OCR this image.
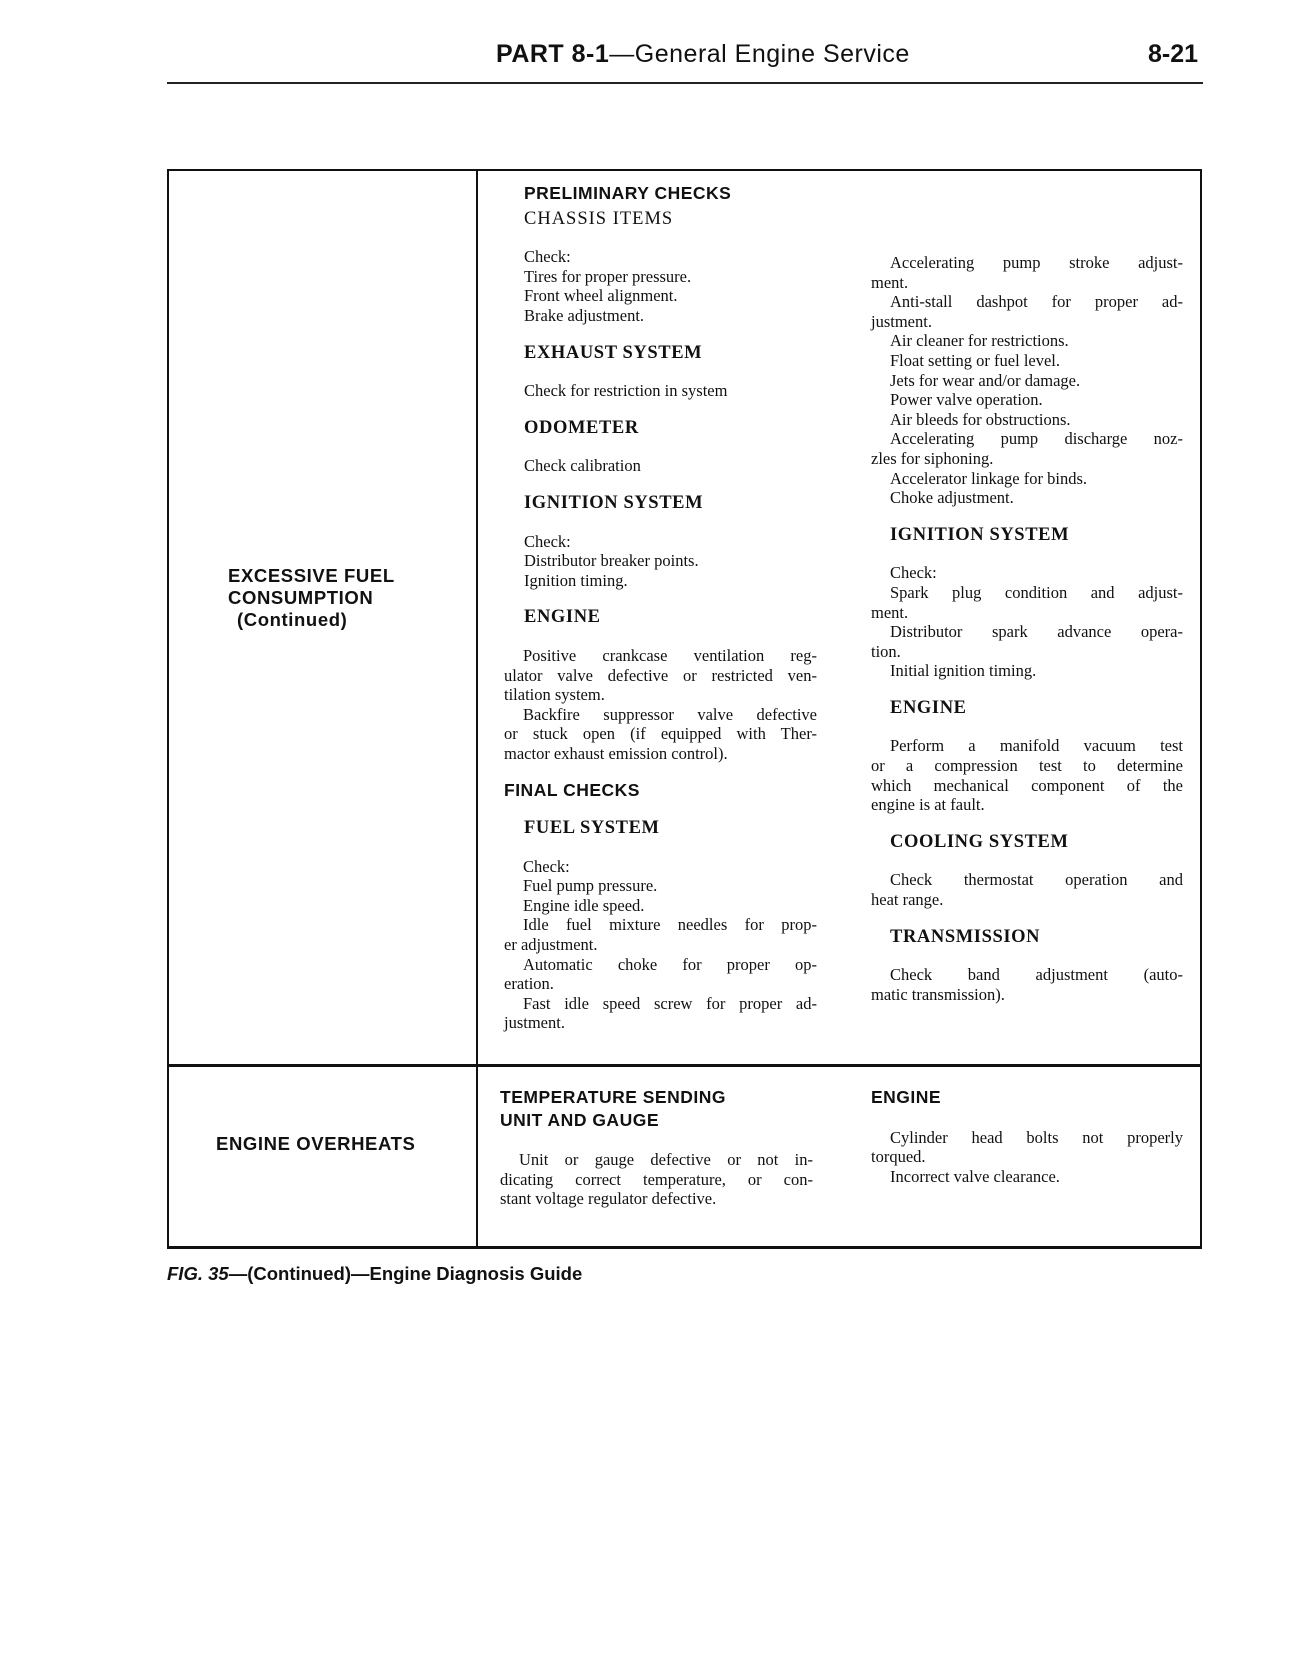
PART 8-1—General Engine Service	8-21
EXCESSIVE FUEL
CONSUMPTION
(Continued)
PRELIMINARY CHECKS
CHASSIS ITEMS
Check:
Tires for proper pressure.
Front wheel alignment.
Brake adjustment.
EXHAUST SYSTEM
Check for restriction in system
ODOMETER
Check calibration
IGNITION SYSTEM
Check:
Distributor breaker points.
Ignition timing.
ENGINE
Positive crankcase ventilation reg-
ulator valve defective or restricted ven-
tilation system.
Backfire suppressor valve defective
or stuck open (if equipped with Ther-
mactor exhaust emission control).
FINAL CHECKS
FUEL SYSTEM
Check:
Fuel pump pressure.
Engine idle speed.
Idle fuel mixture needles for prop-
er adjustment.
Automatic choke for proper op-
eration.
Fast idle speed screw for proper ad-
justment.
Accelerating pump stroke adjust-
ment.
Anti-stall dashpot for proper ad-
justment.
Air cleaner for restrictions.
Float setting or fuel level.
Jets for wear and/or damage.
Power valve operation.
Air bleeds for obstructions.
Accelerating pump discharge noz-
zles for siphoning.
Accelerator linkage for binds.
Choke adjustment.
IGNITION SYSTEM
Check:
Spark plug condition and adjust-
ment.
Distributor spark advance opera-
tion.
Initial ignition timing.
ENGINE
Perform a manifold vacuum test
or a compression test to determine
which mechanical component of the
engine is at fault.
COOLING SYSTEM
Check thermostat operation and
heat range.
TRANSMISSION
Check band adjustment (auto-
matic transmission).
ENGINE OVERHEATS
TEMPERATURE SENDING
UNIT AND GAUGE
Unit or gauge defective or not in-
dicating correct temperature, or con-
stant voltage regulator defective.
ENGINE
Cylinder head bolts not properly
torqued.
Incorrect valve clearance.
FIG. 35—(Continued)—Engine Diagnosis Guide
